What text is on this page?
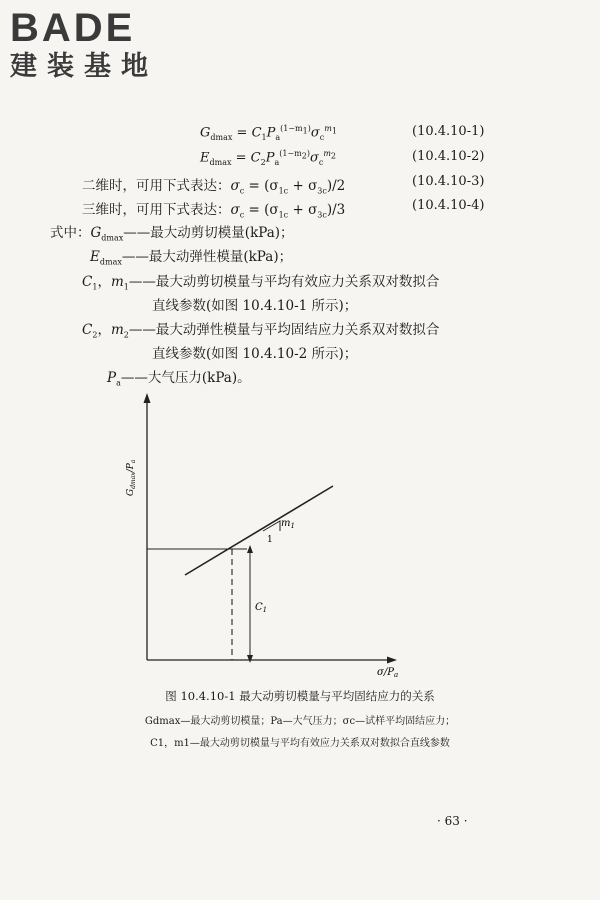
BADE
建装基地
$G_{dmax} = C_1P_a^{(1-m_1)}\sigma_c^{m_1}$	(10.4.10-1)
$E_{dmax} = C_2P_a^{(1-m_2)}\sigma_c^{m_2}$	(10.4.10-2)
二维时，可用下式表达：$\sigma_c = (\sigma_{1c} + \sigma_{3c})/2$	(10.4.10-3)
三维时，可用下式表达：$\sigma_c = (\sigma_{1c} + \sigma_{3c})/3$	(10.4.10-4)
式中：$G_{dmax}——$最大动剪切模量(kPa)；
$E_{dmax}——$最大动弹性模量(kPa)；
$C_1$，$m_1——$最大动剪切模量与平均有效应力关系双对数拟合
直线参数(如图 10.4.10-1 所示)；
$C_2$，$m_2——$最大动弹性模量与平均固结应力关系双对数拟合
直线参数(如图 10.4.10-2 所示)；
$P_a——$大气压力(kPa)。
$m_1$
1
$C_1$
$G_{dmax}/P_a$
$\sigma/P_a$
图 10.4.10-1 最大动剪切模量与平均固结应力的关系
Gdmax—最大动剪切模量；Pa—大气压力；σc—试样平均固结应力；
C1，m1—最大动剪切模量与平均有效应力关系双对数拟合直线参数
· 63 ·
